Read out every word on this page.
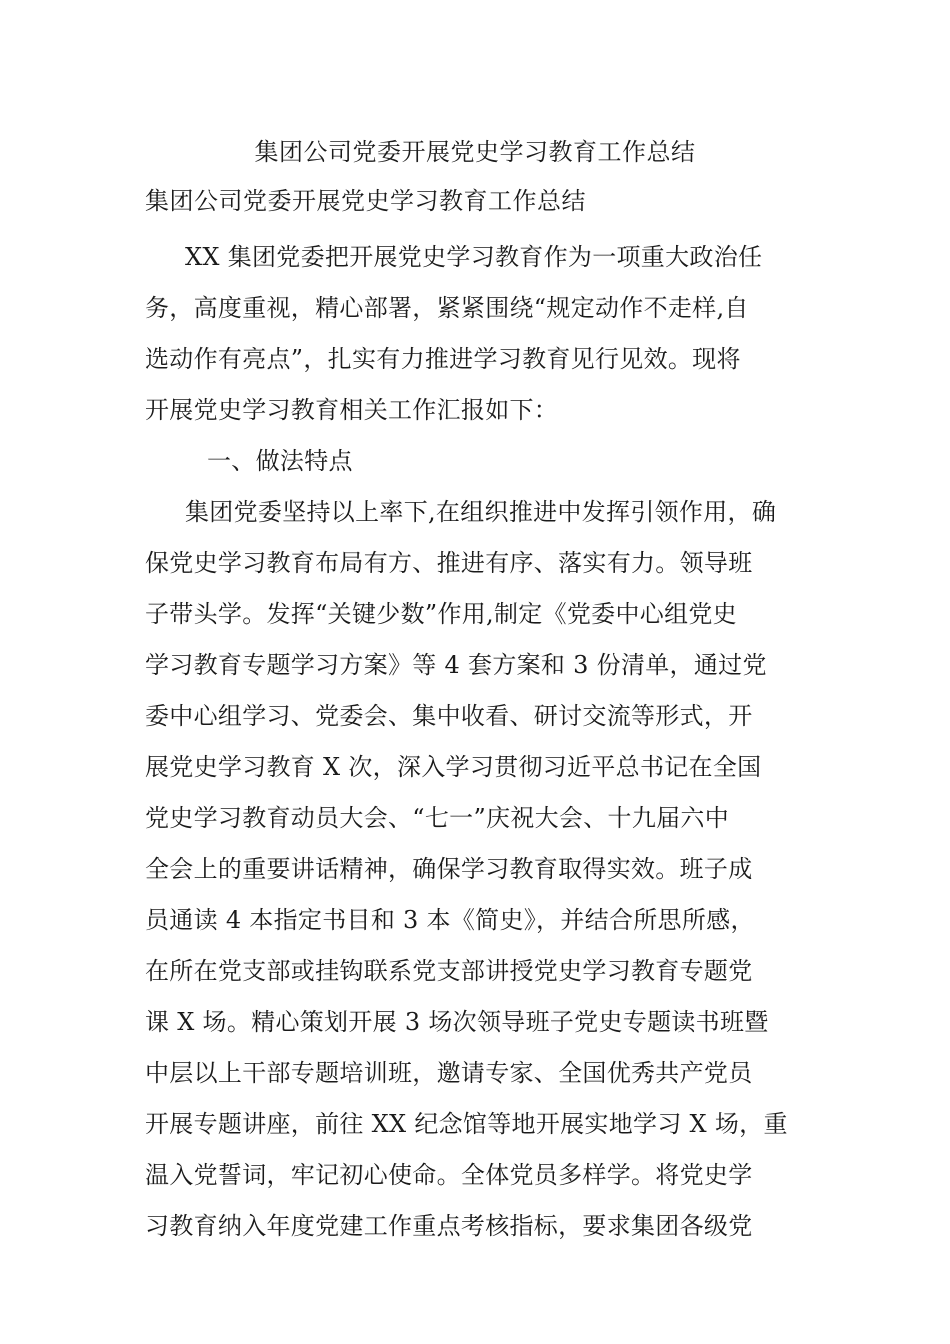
集团公司党委开展党史学习教育工作总结
集团公司党委开展党史学习教育工作总结
XX 集团党委把开展党史学习教育作为一项重大政治任
务，高度重视，精心部署，紧紧围绕“规定动作不走样,自
选动作有亮点”，扎实有力推进学习教育见行见效。现将
开展党史学习教育相关工作汇报如下：
一、做法特点
集团党委坚持以上率下,在组织推进中发挥引领作用，确
保党史学习教育布局有方、推进有序、落实有力。领导班
子带头学。发挥“关键少数”作用,制定《党委中心组党史
学习教育专题学习方案》等 4 套方案和 3 份清单，通过党
委中心组学习、党委会、集中收看、研讨交流等形式，开
展党史学习教育 X 次，深入学习贯彻习近平总书记在全国
党史学习教育动员大会、“七一”庆祝大会、十九届六中
全会上的重要讲话精神，确保学习教育取得实效。班子成
员通读 4 本指定书目和 3 本《简史》，并结合所思所感，
在所在党支部或挂钩联系党支部讲授党史学习教育专题党
课 X 场。精心策划开展 3 场次领导班子党史专题读书班暨
中层以上干部专题培训班，邀请专家、全国优秀共产党员
开展专题讲座，前往 XX 纪念馆等地开展实地学习 X 场，重
温入党誓词，牢记初心使命。全体党员多样学。将党史学
习教育纳入年度党建工作重点考核指标，要求集团各级党
